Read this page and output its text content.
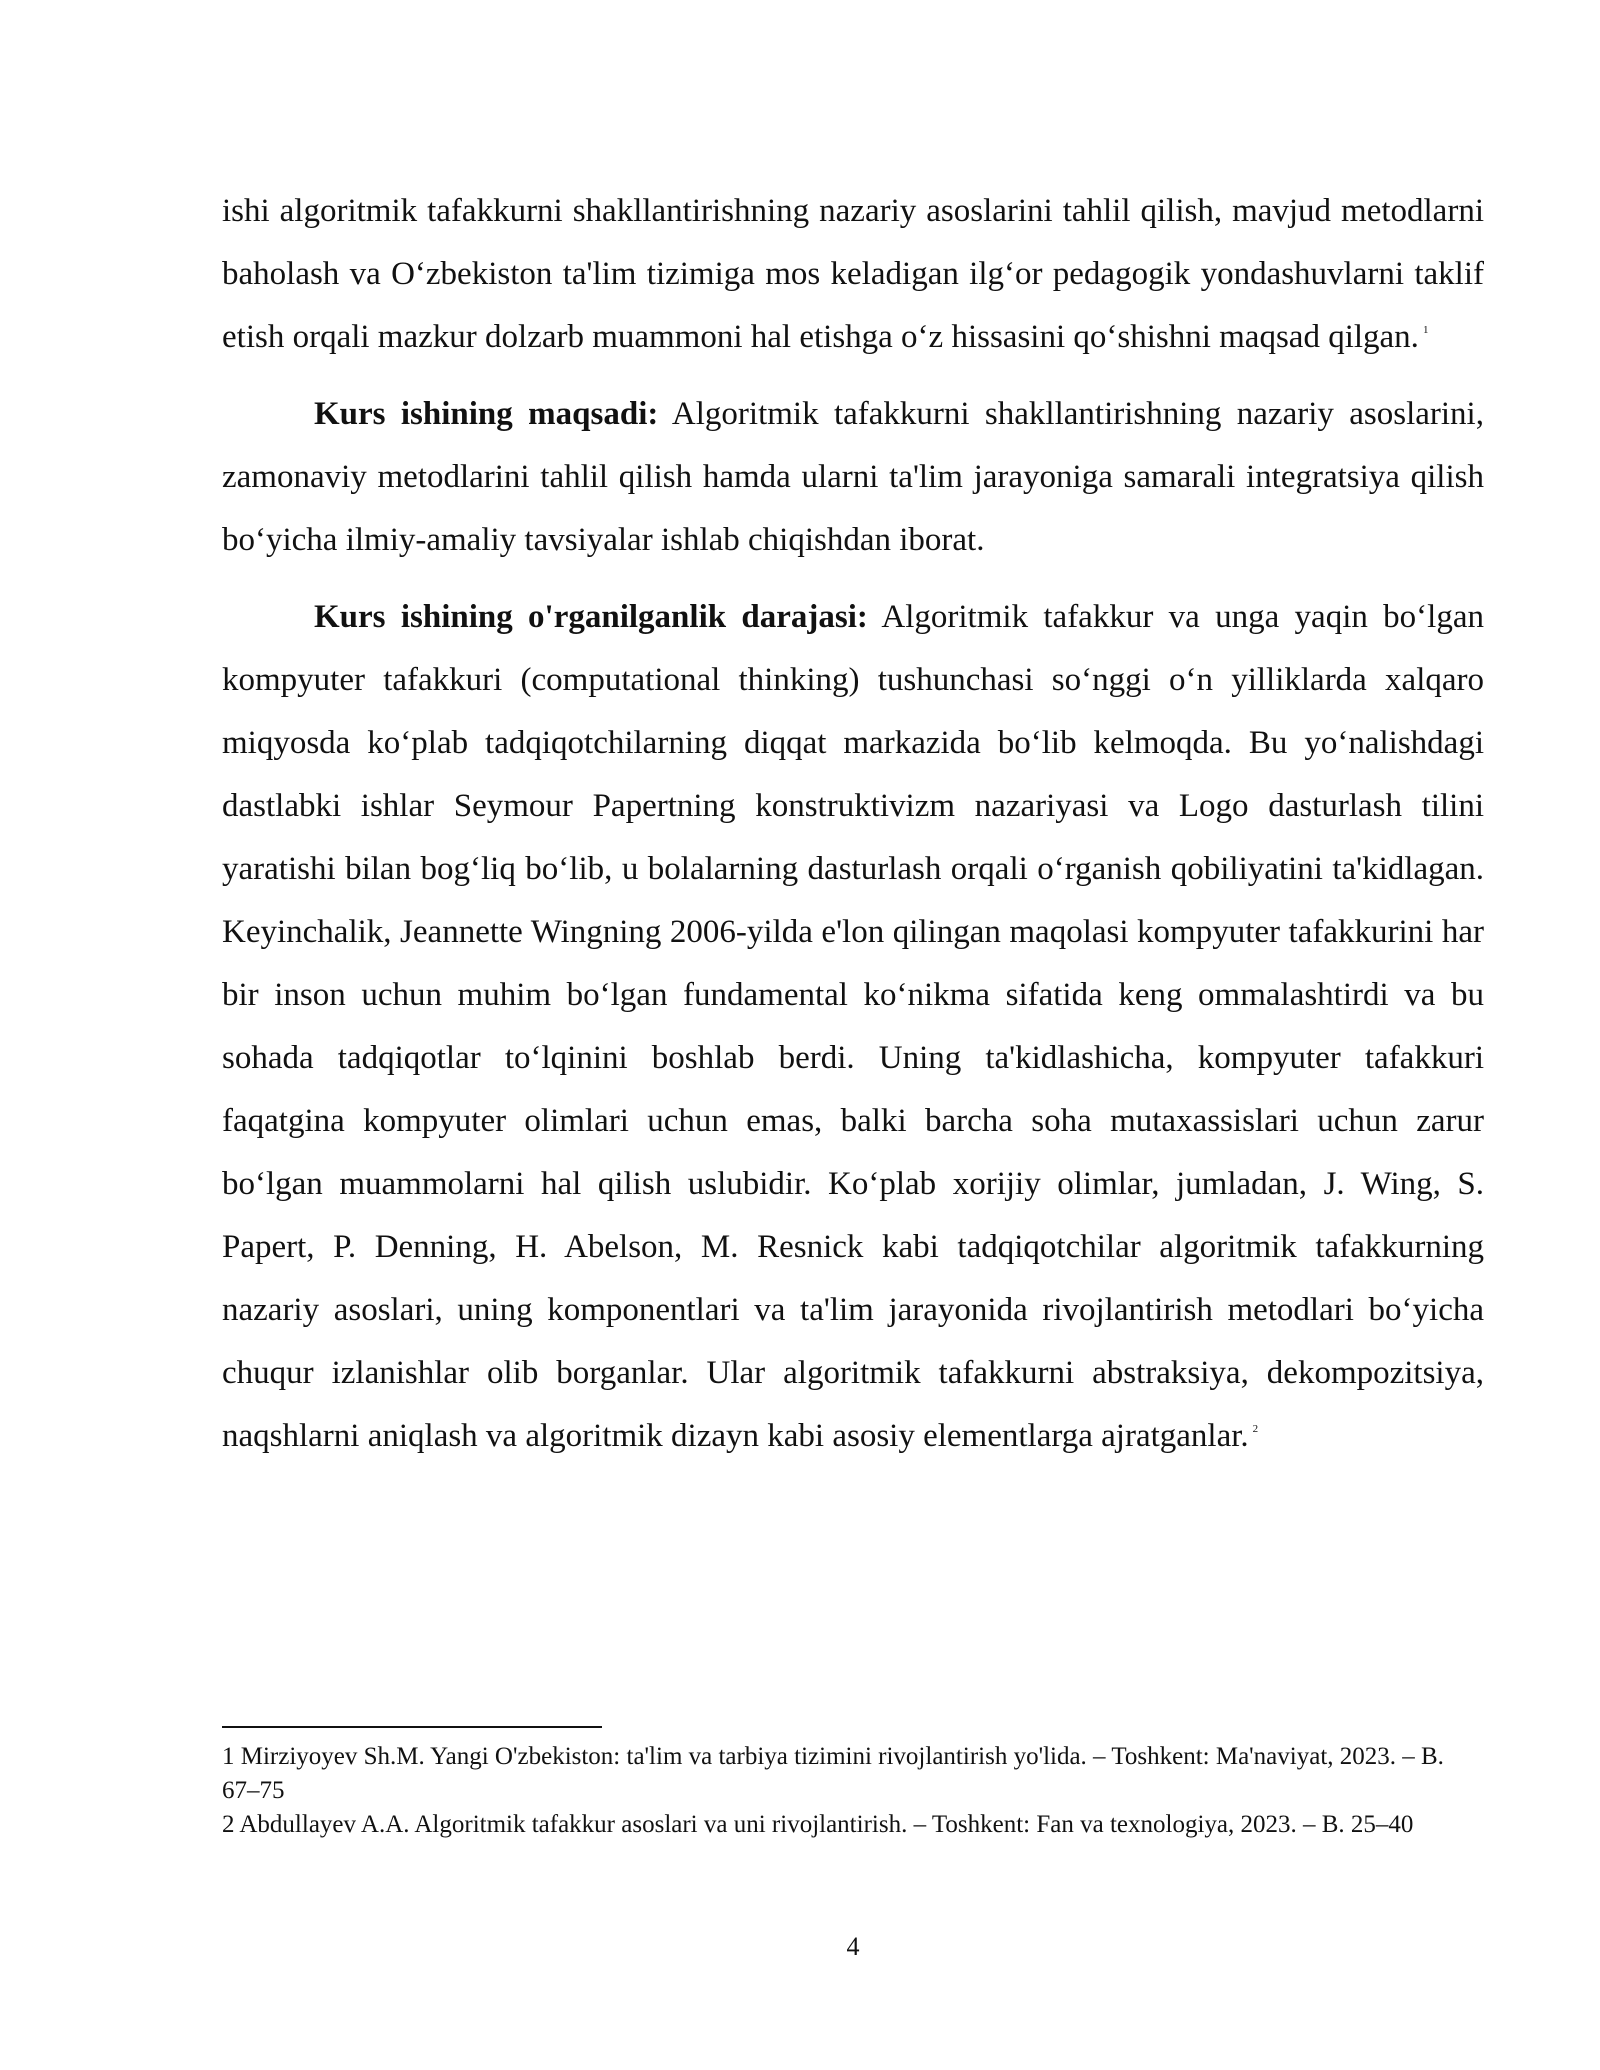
ishi algoritmik tafakkurni shakllantirishning nazariy asoslarini tahlil qilish, mavjud metodlarni baholash va O‘zbekiston ta'lim tizimiga mos keladigan ilg‘or pedagogik yondashuvlarni taklif etish orqali mazkur dolzarb muammoni hal etishga o‘z hissasini qo‘shishni maqsad qilgan. $^1$

Kurs ishining maqsadi: Algoritmik tafakkurni shakllantirishning nazariy asoslarini, zamonaviy metodlarini tahlil qilish hamda ularni ta'lim jarayoniga samarali integratsiya qilish bo‘yicha ilmiy-amaliy tavsiyalar ishlab chiqishdan iborat.

Kurs ishining o'rganilganlik darajasi: Algoritmik tafakkur va unga yaqin bo‘lgan kompyuter tafakkuri (computational thinking) tushunchasi so‘nggi o‘n yilliklarda xalqaro miqyosda ko‘plab tadqiqotchilarning diqqat markazida bo‘lib kelmoqda. Bu yo‘nalishdagi dastlabki ishlar Seymour Papertning konstruktivizm nazariyasi va Logo dasturlash tilini yaratishi bilan bog‘liq bo‘lib, u bolalarning dasturlash orqali o‘rganish qobiliyatini ta'kidlagan. Keyinchalik, Jeannette Wingning 2006-yilda e'lon qilingan maqolasi kompyuter tafakkurini har bir inson uchun muhim bo‘lgan fundamental ko‘nikma sifatida keng ommalashtirdi va bu sohada tadqiqotlar to‘lqinini boshlab berdi. Uning ta'kidlashicha, kompyuter tafakkuri faqatgina kompyuter olimlari uchun emas, balki barcha soha mutaxassislari uchun zarur bo‘lgan muammolarni hal qilish uslubidir. Ko‘plab xorijiy olimlar, jumladan, J. Wing, S. Papert, P. Denning, H. Abelson, M. Resnick kabi tadqiqotchilar algoritmik tafakkurning nazariy asoslari, uning komponentlari va ta'lim jarayonida rivojlantirish metodlari bo‘yicha chuqur izlanishlar olib borganlar. Ular algoritmik tafakkurni abstraksiya, dekompozitsiya, naqshlarni aniqlash va algoritmik dizayn kabi asosiy elementlarga ajratganlar. $^2$

1 Mirziyoyev Sh.M. Yangi O'zbekiston: ta'lim va tarbiya tizimini rivojlantirish yo'lida. – Toshkent: Ma'naviyat, 2023. – B. 67–75

2 Abdullayev A.A. Algoritmik tafakkur asoslari va uni rivojlantirish. – Toshkent: Fan va texnologiya, 2023. – B. 25–40

4
